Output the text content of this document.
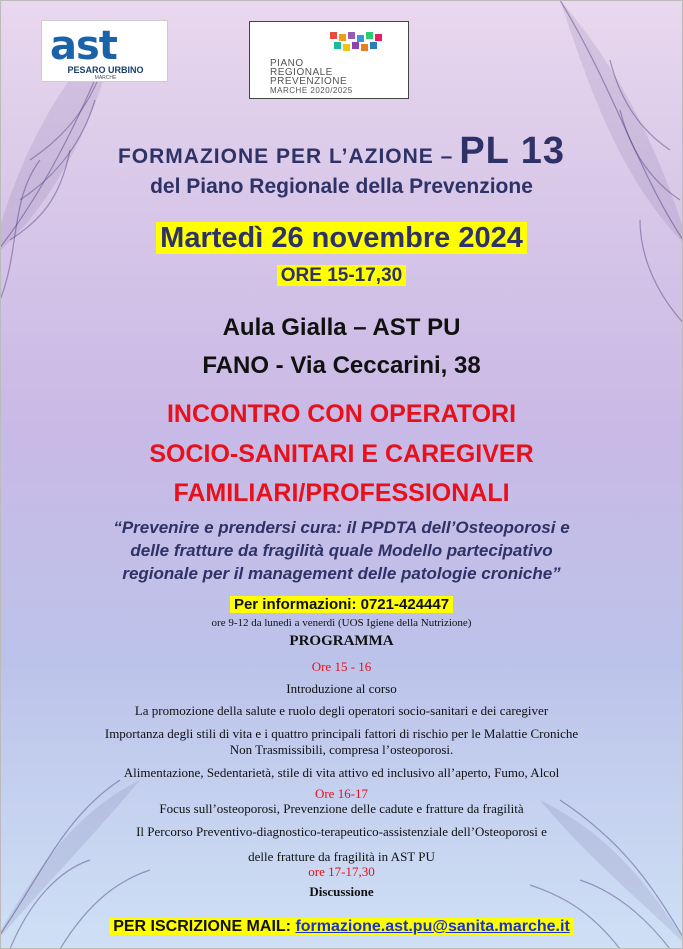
ast
PESARO URBINO
MARCHE
PIANO
REGIONALE
PREVENZIONE
MARCHE 2020/2025
FORMAZIONE PER L’AZIONE – PL 13
del Piano Regionale della Prevenzione
Martedì 26 novembre 2024
ORE 15-17,30
Aula Gialla – AST PU
FANO - Via Ceccarini, 38
INCONTRO CON OPERATORI
SOCIO-SANITARI E CAREGIVER
FAMILIARI/PROFESSIONALI
“Prevenire e prendersi cura: il PPDTA dell’Osteoporosi e
delle fratture da fragilità quale Modello partecipativo
regionale per il management delle patologie croniche”
Per informazioni: 0721-424447
ore 9-12 da lunedì a venerdì (UOS Igiene della Nutrizione)
PROGRAMMA
Ore 15 - 16
Introduzione al corso
La promozione della salute e ruolo degli operatori socio-sanitari e dei caregiver
Importanza degli stili di vita e i quattro principali fattori di rischio per le Malattie Croniche
Non Trasmissibili, compresa l’osteoporosi.
Alimentazione, Sedentarietà, stile di vita attivo ed inclusivo all’aperto, Fumo, Alcol
Ore 16-17
Focus sull’osteoporosi, Prevenzione delle cadute e fratture da fragilità
Il Percorso Preventivo-diagnostico-terapeutico-assistenziale dell’Osteoporosi e
delle fratture da fragilità in AST PU
ore 17-17,30
Discussione
PER ISCRIZIONE MAIL: formazione.ast.pu@sanita.marche.it
